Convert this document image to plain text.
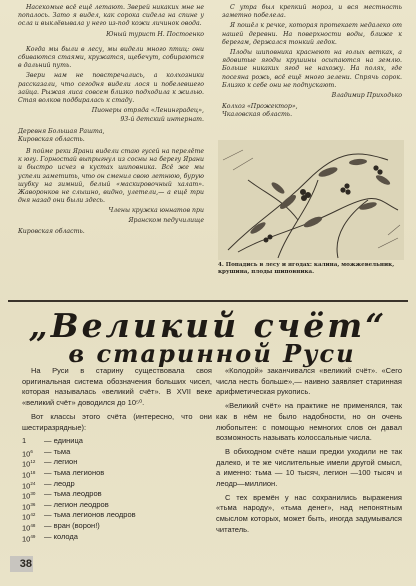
Насекомые всё ещё летают. Зверей никаких мне не попалось. Зато я видел, как сорока сидела на спине у осла и выклёвывала у него из-под кожи личинок овода.

Юный турист Н. Постоенко

Когда мы были в лесу, мы видели много птиц: они сбиваются стаями, кружатся, щебечут, собираются в дальний путь.

Звери нам не повстречались, а колхозники рассказали, что сегодня видели лося и побелевшего зайца. Рыжая лиса совсем близко подходила к жилью. Стая волков подбиралась к стаду.

Пионеры отряда «Ленинградец»,

93-й детский интернат.

Деревня Большая Рашта,

Кировская область.

В пойме реки Ярани видели стаю гусей на перелёте к югу. Горностай выпрыгнул из сосны на берегу Ярани и быстро исчез в кустах шиповника. Всё же мы успели заметить, что он сменил свою летнюю, бурую шубку на зимний, белый «маскировочный халат». Жаворонков не слышно, видно, улетели,— а ещё три дня назад они были здесь.

Члены кружка юннатов при

Яранском педучилище

Кировская область.

С утра был крепкий мороз, и вся местность заметно побелела.

Я пошёл к речке, которая протекает недалеко от нашей деревни. На поверхности воды, ближе к берегам, держался тонкий ледок.

Плоды шиповника краснеют на голых ветках, а ядовитые ягоды крушины осыпаются на землю. Больше никаких ягод не нахожу. На полях, где посеяна рожь, всё ещё много зелени. Спрячь сорок. Близко к себе они не подпускают.

Владимир Приходько

Колхоз «Прожектор»,

Чкаловская область.

4. Попадись в лесу и ягодах: калина, можжевельник, крушина, плоды шиповника.
„Великий счёт“
в старинной Руси

На Руси в старину существовала своя оригинальная система обозначения больших чисел, которая называлась «великий счёт». В XVII веке «великий счёт» доводился до 10⁵⁰.

Вот классы этого счёта (интересно, что они шестиразрядные):

1	— единица
$10^6$	— тьма
$10^{12}$	— легион
$10^{18}$	— тьма легионов
$10^{24}$	— леодр
$10^{30}$	— тьма леодров
$10^{36}$	— легион леодров
$10^{42}$	— тьма легионов леодров
$10^{48}$	— вран (ворон!)
$10^{49}$	— колода

«Колодой» заканчивался «великий счёт». «Сего числа несть больше»,— наивно заявляет старинная арифметическая рукопись.

«Великий счёт» на практике не применялся, так как в нём не было надобности, но он очень любопытен: с помощью немногих слов он давал возможность называть колоссальные числа.

В обиходном счёте наши предки уходили не так далеко, и те же числительные имели другой смысл, а именно: тьма — 10 тысяч, легион —100 тысяч и леодр—миллион.

С тех времён у нас сохранились выражения «тьма народу», «тьма денег», над непонятным смыслом которых, может быть, иногда задумывался читатель.

38
